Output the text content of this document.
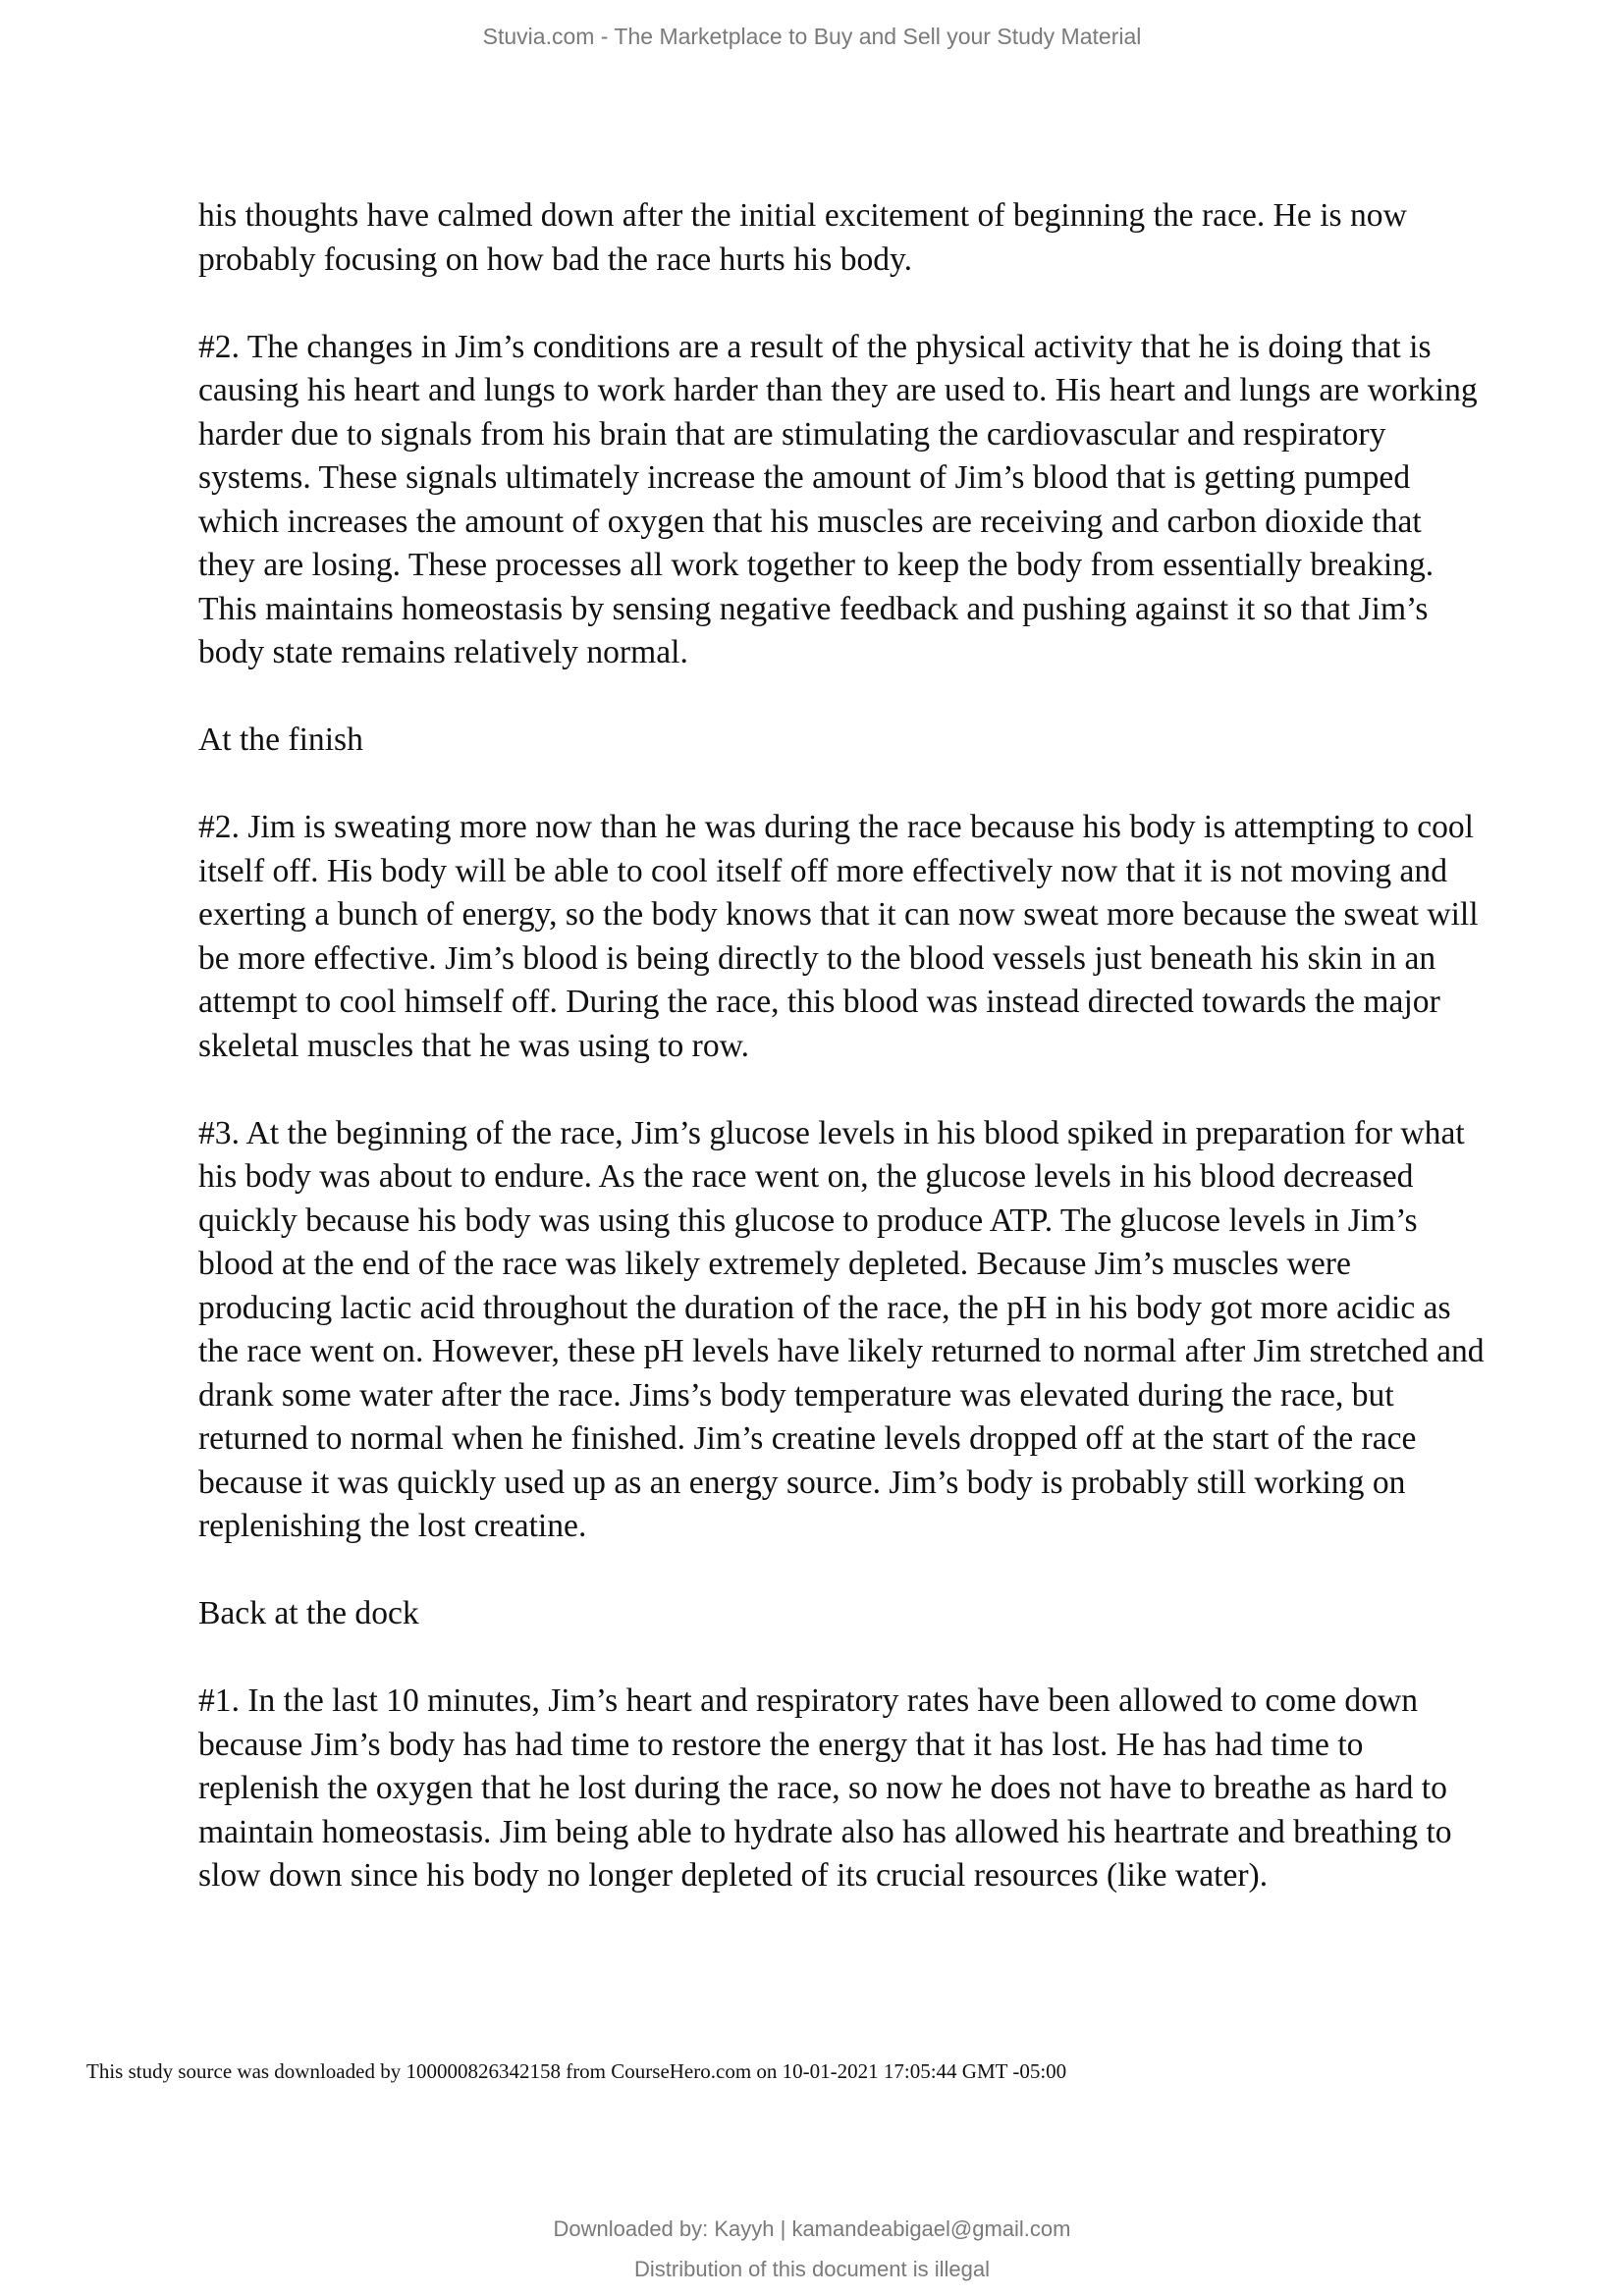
Stuvia.com - The Marketplace to Buy and Sell your Study Material

his thoughts have calmed down after the initial excitement of beginning the race. He is now probably focusing on how bad the race hurts his body.

#2. The changes in Jim’s conditions are a result of the physical activity that he is doing that is causing his heart and lungs to work harder than they are used to. His heart and lungs are working harder due to signals from his brain that are stimulating the cardiovascular and respiratory systems. These signals ultimately increase the amount of Jim’s blood that is getting pumped which increases the amount of oxygen that his muscles are receiving and carbon dioxide that they are losing. These processes all work together to keep the body from essentially breaking. This maintains homeostasis by sensing negative feedback and pushing against it so that Jim’s body state remains relatively normal.

At the finish

#2. Jim is sweating more now than he was during the race because his body is attempting to cool itself off. His body will be able to cool itself off more effectively now that it is not moving and exerting a bunch of energy, so the body knows that it can now sweat more because the sweat will be more effective. Jim’s blood is being directly to the blood vessels just beneath his skin in an attempt to cool himself off. During the race, this blood was instead directed towards the major skeletal muscles that he was using to row.

#3. At the beginning of the race, Jim’s glucose levels in his blood spiked in preparation for what his body was about to endure. As the race went on, the glucose levels in his blood decreased quickly because his body was using this glucose to produce ATP. The glucose levels in Jim’s blood at the end of the race was likely extremely depleted. Because Jim’s muscles were producing lactic acid throughout the duration of the race, the pH in his body got more acidic as the race went on. However, these pH levels have likely returned to normal after Jim stretched and drank some water after the race. Jims’s body temperature was elevated during the race, but returned to normal when he finished. Jim’s creatine levels dropped off at the start of the race because it was quickly used up as an energy source. Jim’s body is probably still working on replenishing the lost creatine.

Back at the dock

#1. In the last 10 minutes, Jim’s heart and respiratory rates have been allowed to come down because Jim’s body has had time to restore the energy that it has lost. He has had time to replenish the oxygen that he lost during the race, so now he does not have to breathe as hard to maintain homeostasis. Jim being able to hydrate also has allowed his heartrate and breathing to slow down since his body no longer depleted of its crucial resources (like water).

This study source was downloaded by 100000826342158 from CourseHero.com on 10-01-2021 17:05:44 GMT -05:00
Downloaded by: Kayyh | kamandeabigael@gmail.com
Distribution of this document is illegal
